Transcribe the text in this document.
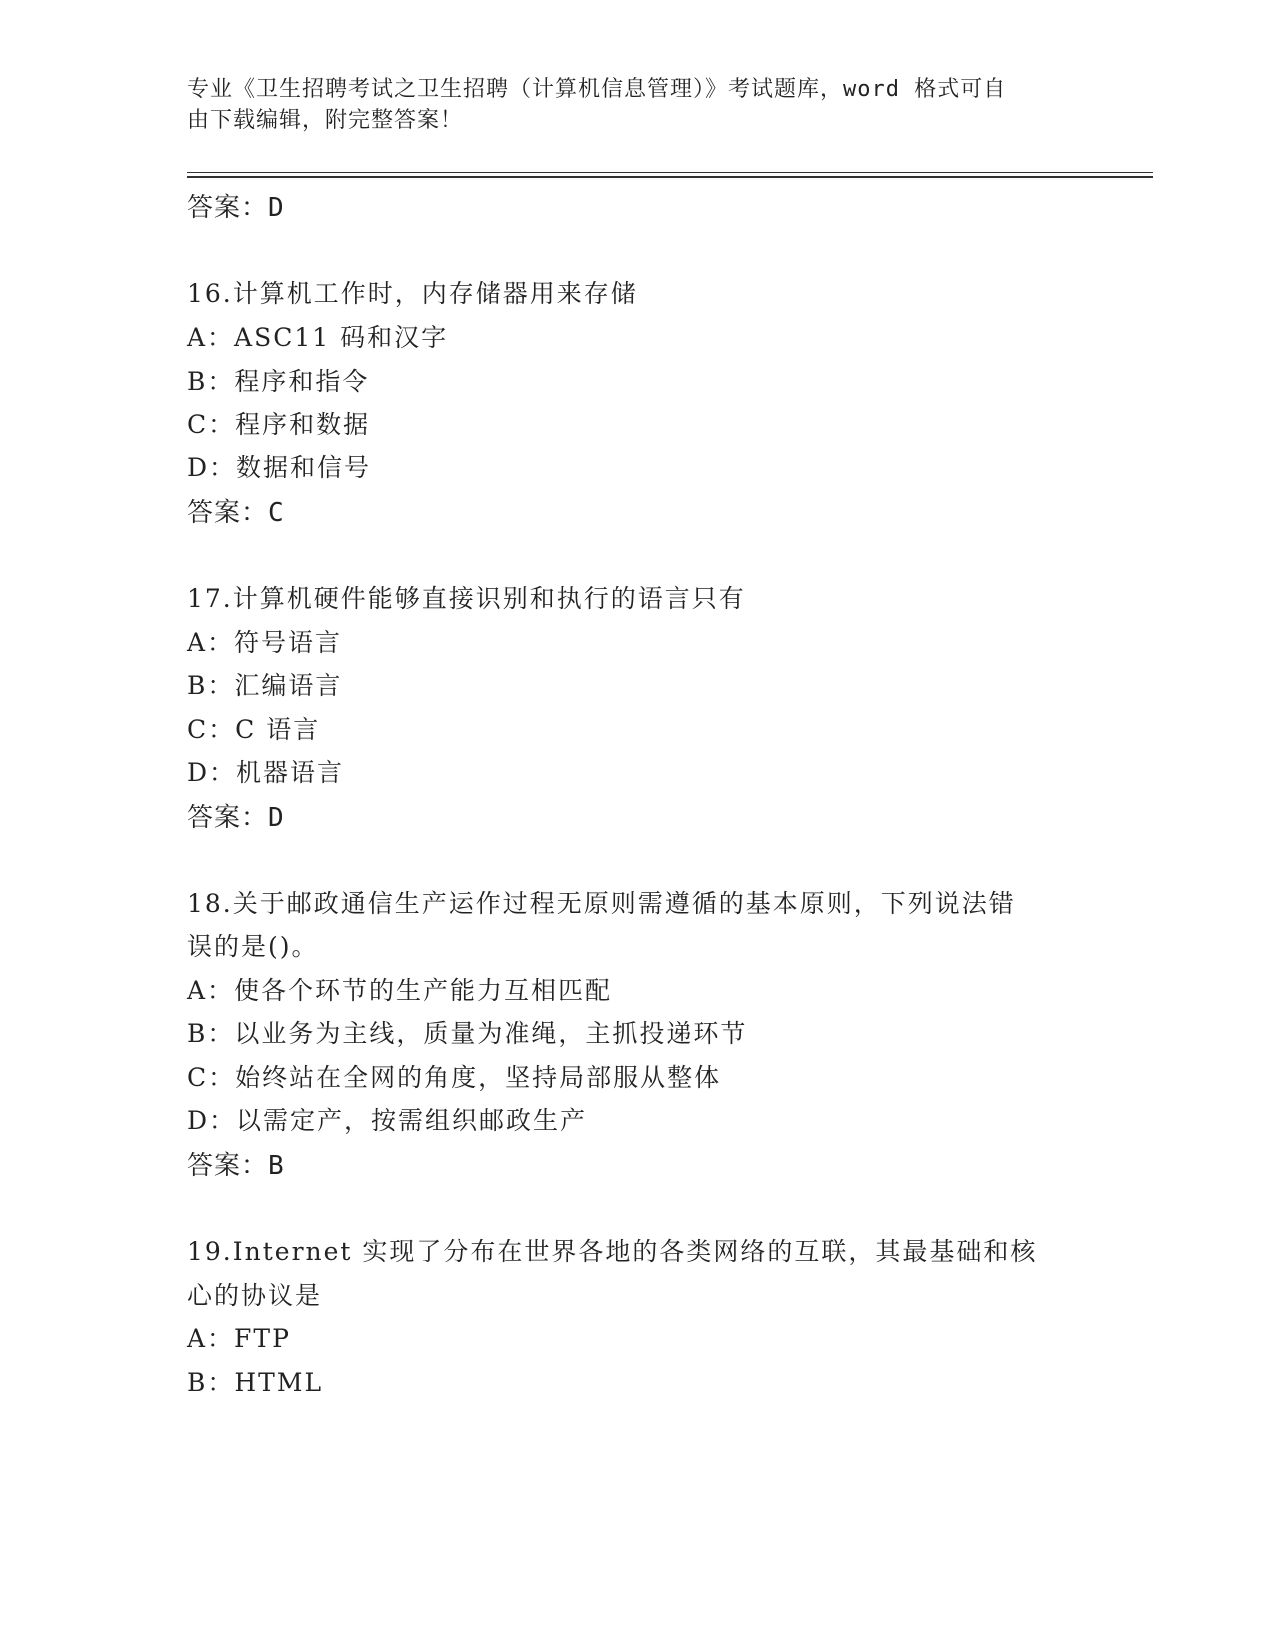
专业《卫生招聘考试之卫生招聘（计算机信息管理）》考试题库，word 格式可自
由下载编辑，附完整答案！
答案：D
16.计算机工作时，内存储器用来存储
A：ASC11 码和汉字
B：程序和指令
C：程序和数据
D：数据和信号
答案：C
17.计算机硬件能够直接识别和执行的语言只有
A：符号语言
B：汇编语言
C：C 语言
D：机器语言
答案：D
18.关于邮政通信生产运作过程无原则需遵循的基本原则，下列说法错
误的是()。
A：使各个环节的生产能力互相匹配
B：以业务为主线，质量为准绳，主抓投递环节
C：始终站在全网的角度，坚持局部服从整体
D：以需定产，按需组织邮政生产
答案：B
19.Internet 实现了分布在世界各地的各类网络的互联，其最基础和核
心的协议是
A：FTP
B：HTML
